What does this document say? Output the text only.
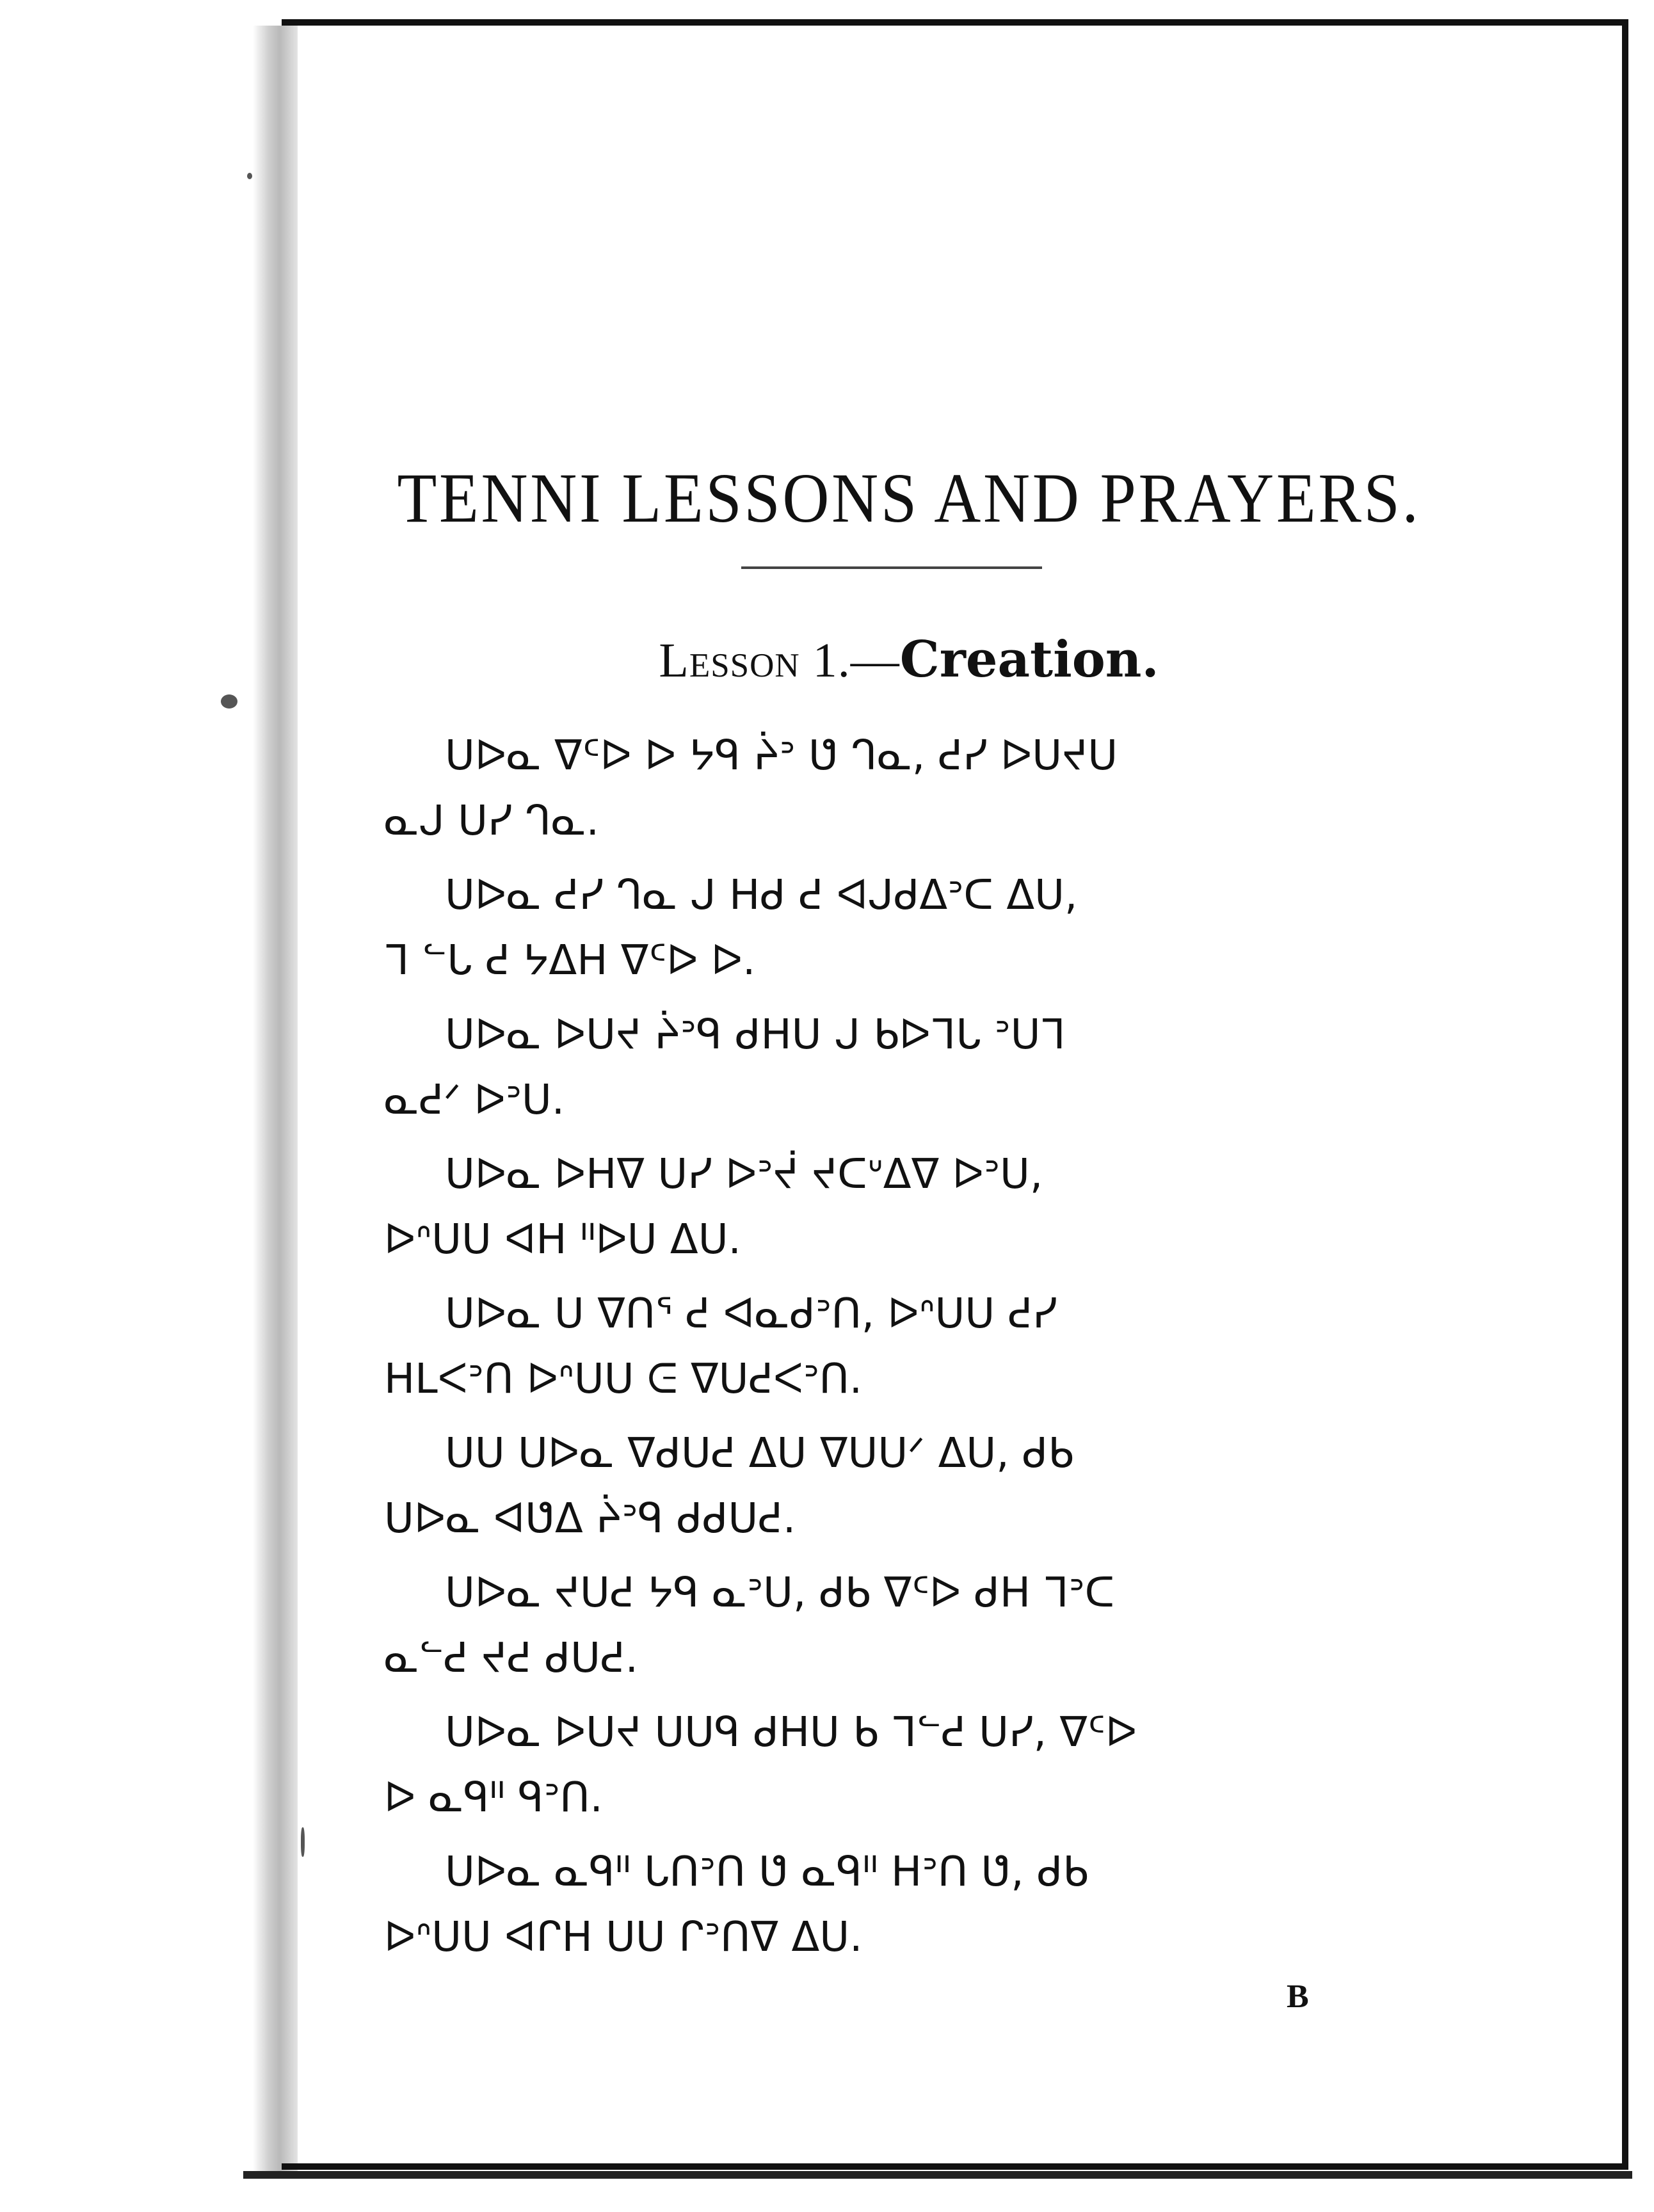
TENNI LESSONS AND PRAYERS.
Lesson 1.—Creation.
ᑌᐅᓇ ᐁᑦᐅ ᐅ ᔭᑫ ᔩᐣ ᕟ ᒉᓇ, ᕍᓯ ᐅᑌᔪᑌ
ᓇᒍ ᑌᓯ ᒉᓇ.
ᑌᐅᓇ ᕍᓯ ᒉᓇ ᒍ ᕼᑯ ᕍ ᐊᒍᑯᐃᐣᑕ ᐃᑌ,
ᒣ ᓪᒐ ᕍ ᔭᐃᕼ ᐁᑦᐅ ᐅ.
ᑌᐅᓇ ᐅᑌᔪ ᔩᐣᑫ ᑯᕼᑌ ᒍ ᑲᐅᒣᒐ ᐣᑌᒣ
ᓇᕍᐟ ᐅᐣᑌ.
ᑌᐅᓇ ᐅᕼᐁ ᑌᓯ ᐅᐣᔫ ᔪᑕᐡᐃᐁ ᐅᐣᑌ,
ᐅᐢᑌᑌ ᐊᕼ ᐦᐅᑌ ᐃᑌ.
ᑌᐅᓇ ᑌ ᐁᑎᕐ ᕍ ᐊᓇᑯᐣᑎ, ᐅᐢᑌᑌ ᕍᓯ
ᕼᒪᐸᐣᑎ ᐅᐢᑌᑌ ᕮ ᐁᑌᕍᐸᐣᑎ.
ᑌᑌ ᑌᐅᓇ ᐁᑯᑌᕍ ᐃᑌ ᐁᑌᑌᐟ ᐃᑌ, ᑯᑲ
ᑌᐅᓇ ᐊᕟᐃ ᔩᐣᑫ ᑯᑯᑌᕍ.
ᑌᐅᓇ ᔪᑌᕍ ᔭᑫ ᓇᐣᑌ, ᑯᑲ ᐁᑦᐅ ᑯᕼ ᒣᐣᑕ
ᓇᓪᕍ ᔪᕍ ᑯᑌᕍ.
ᑌᐅᓇ ᐅᑌᔪ ᑌᑌᑫ ᑯᕼᑌ ᑲ ᒣᓪᕍ ᑌᓯ, ᐁᑦᐅ
ᐅ ᓇᑫᐦ ᑫᐣᑎ.
ᑌᐅᓇ ᓇᑫᐦ ᒐᑎᐣᑎ ᕟ ᓇᑫᐦ ᕼᐣᑎ ᕟ, ᑯᑲ
ᐅᐢᑌᑌ ᐊᒋᕼ ᑌᑌ ᒋᐣᑎᐁ ᐃᑌ.
B
